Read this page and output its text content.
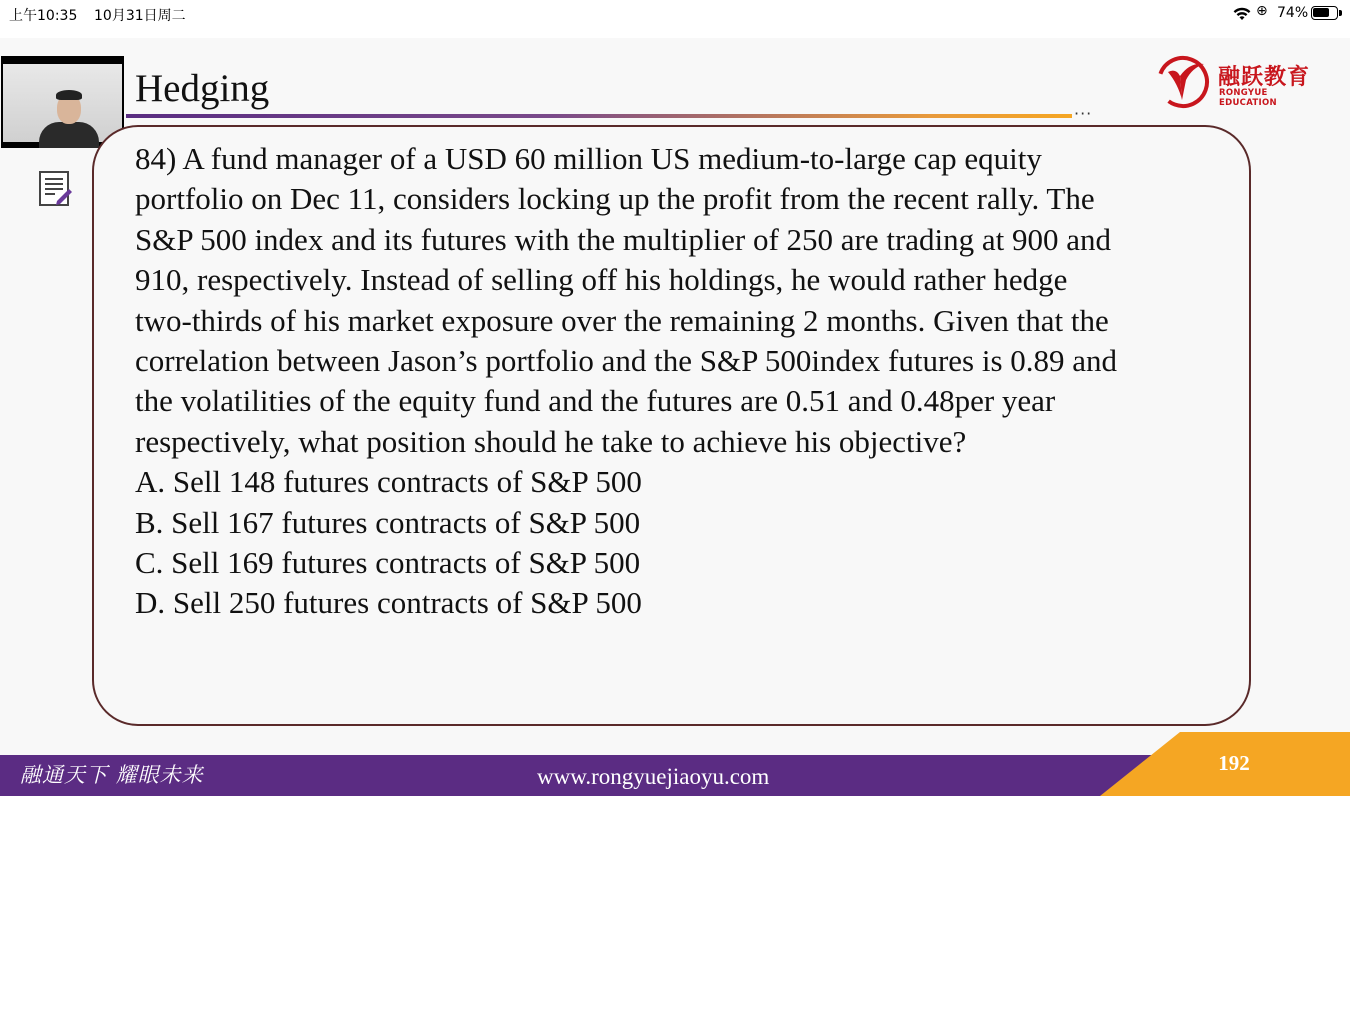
上午10:35 10月31日周二	⊕ 74%
Hedging
···
融跃教育
RONGYUE EDUCATION

84) A fund manager of a USD 60 million US medium-to-large cap equity

portfolio on Dec 11, considers locking up the profit from the recent rally. The

S&P 500 index and its futures with the multiplier of 250 are trading at 900 and

910, respectively. Instead of selling off his holdings, he would rather hedge

two-thirds of his market exposure over the remaining 2 months. Given that the

correlation between Jason’s portfolio and the S&P 500index futures is 0.89 and

the volatilities of the equity fund and the futures are 0.51 and 0.48per year

respectively, what position should he take to achieve his objective?

A. Sell 148 futures contracts of S&P 500

B. Sell 167 futures contracts of S&P 500

C. Sell 169 futures contracts of S&P 500

D. Sell 250 futures contracts of S&P 500

融通天下 耀眼未来	www.rongyuejiaoyu.com
192
